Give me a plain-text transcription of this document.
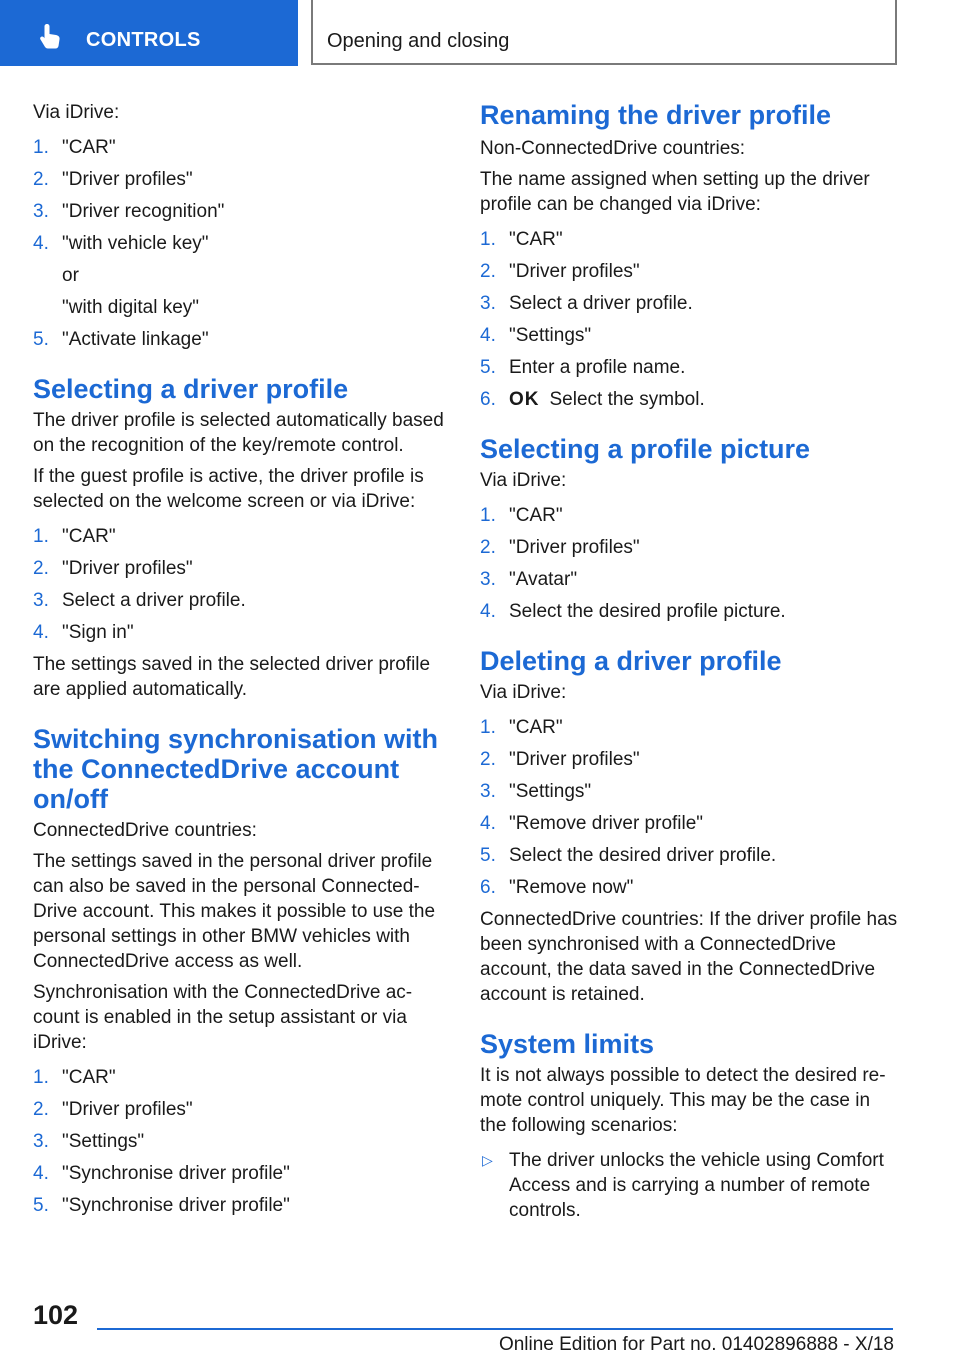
CONTROLS	Opening and closing

Via iDrive:

1. "CAR"
2. "Driver profiles"
3. "Driver recognition"
4. "with vehicle key"
or
"with digital key"
5. "Activate linkage"
Selecting a driver profile

The driver profile is selected automatically based on the recognition of the key/remote control.

If the guest profile is active, the driver profile is selected on the welcome screen or via iDrive:

1. "CAR"
2. "Driver profiles"
3. Select a driver profile.
4. "Sign in"

The settings saved in the selected driver profile are applied automatically.

Switching synchronisation with the ConnectedDrive account on/off

ConnectedDrive countries:

The settings saved in the personal driver profile can also be saved in the personal Connected-Drive account. This makes it possible to use the personal settings in other BMW vehicles with ConnectedDrive access as well.

Synchronisation with the ConnectedDrive ac-count is enabled in the setup assistant or via iDrive:

1. "CAR"
2. "Driver profiles"
3. "Settings"
4. "Synchronise driver profile"
5. "Synchronise driver profile"
Renaming the driver profile

Non-ConnectedDrive countries:

The name assigned when setting up the driver profile can be changed via iDrive:

1. "CAR"
2. "Driver profiles"
3. Select a driver profile.
4. "Settings"
5. Enter a profile name.
6. OK Select the symbol.
Selecting a profile picture

Via iDrive:

1. "CAR"
2. "Driver profiles"
3. "Avatar"
4. Select the desired profile picture.
Deleting a driver profile

Via iDrive:

1. "CAR"
2. "Driver profiles"
3. "Settings"
4. "Remove driver profile"
5. Select the desired driver profile.
6. "Remove now"

ConnectedDrive countries: If the driver profile has been synchronised with a ConnectedDrive account, the data saved in the ConnectedDrive account is retained.

System limits

It is not always possible to detect the desired re-mote control uniquely. This may be the case in the following scenarios:

▷ The driver unlocks the vehicle using Comfort Access and is carrying a number of remote controls.
102
Online Edition for Part no. 01402896888 - X/18
